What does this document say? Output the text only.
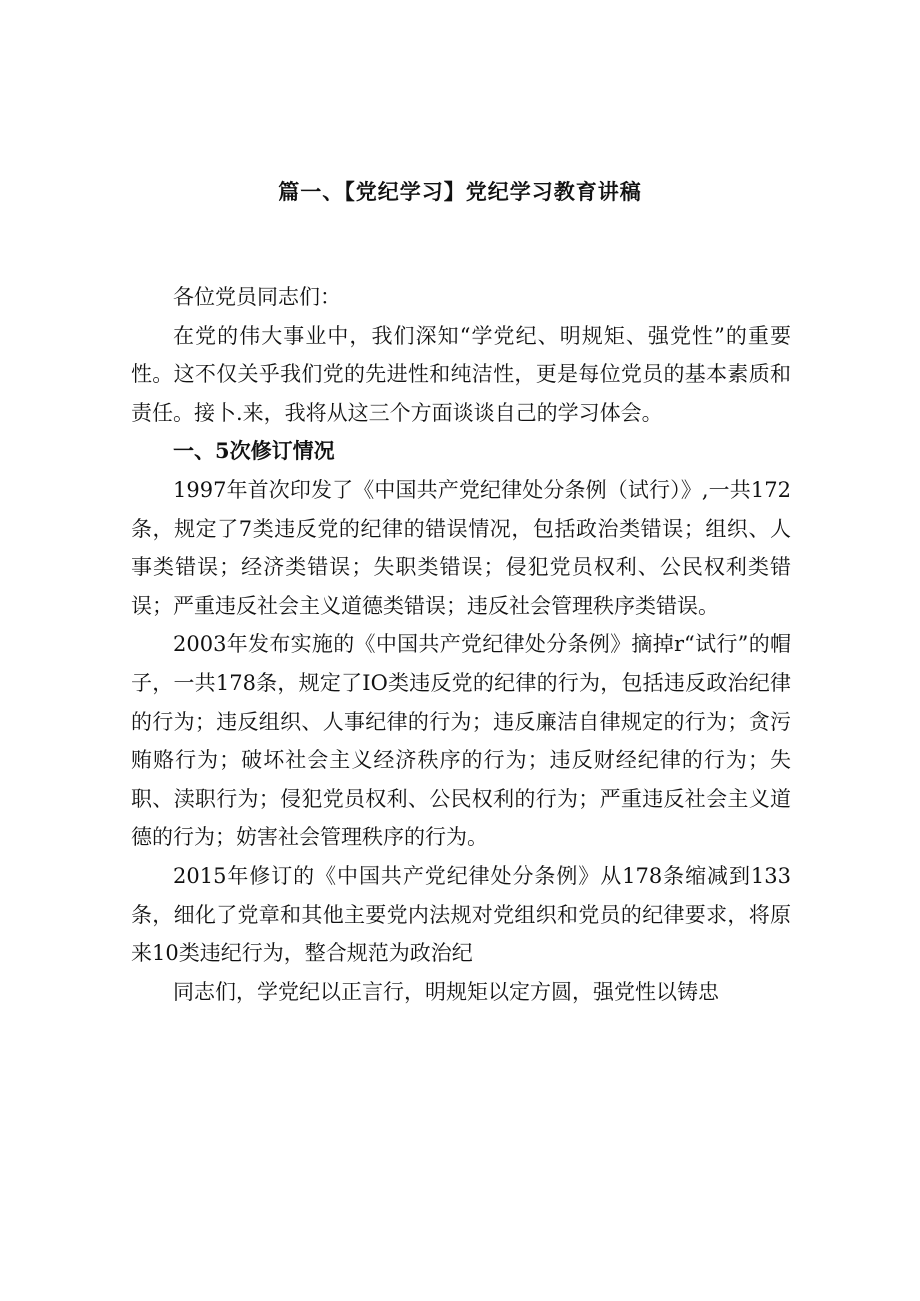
篇一、【党纪学习】党纪学习教育讲稿

各位党员同志们：

在党的伟大事业中，我们深知“学党纪、明规矩、强党性”的重要性。这不仅关乎我们党的先进性和纯洁性，更是每位党员的基本素质和责任。接卜.来，我将从这三个方面谈谈自己的学习体会。

一、5次修订情况

1997年首次印发了《中国共产党纪律处分条例（试行）》,一共172条，规定了7类违反党的纪律的错误情况，包括政治类错误；组织、人事类错误；经济类错误；失职类错误；侵犯党员权利、公民权利类错误；严重违反社会主义道德类错误；违反社会管理秩序类错误。

2003年发布实施的《中国共产党纪律处分条例》摘掉r“试行”的帽子，一共178条，规定了IO类违反党的纪律的行为，包括违反政治纪律的行为；违反组织、人事纪律的行为；违反廉洁自律规定的行为；贪污贿赂行为；破坏社会主义经济秩序的行为；违反财经纪律的行为；失职、渎职行为；侵犯党员权利、公民权利的行为；严重违反社会主义道德的行为；妨害社会管理秩序的行为。

2015年修订的《中国共产党纪律处分条例》从178条缩减到133条，细化了党章和其他主要党内法规对党组织和党员的纪律要求，将原来10类违纪行为，整合规范为政治纪

同志们，学党纪以正言行，明规矩以定方圆，强党性以铸忠
